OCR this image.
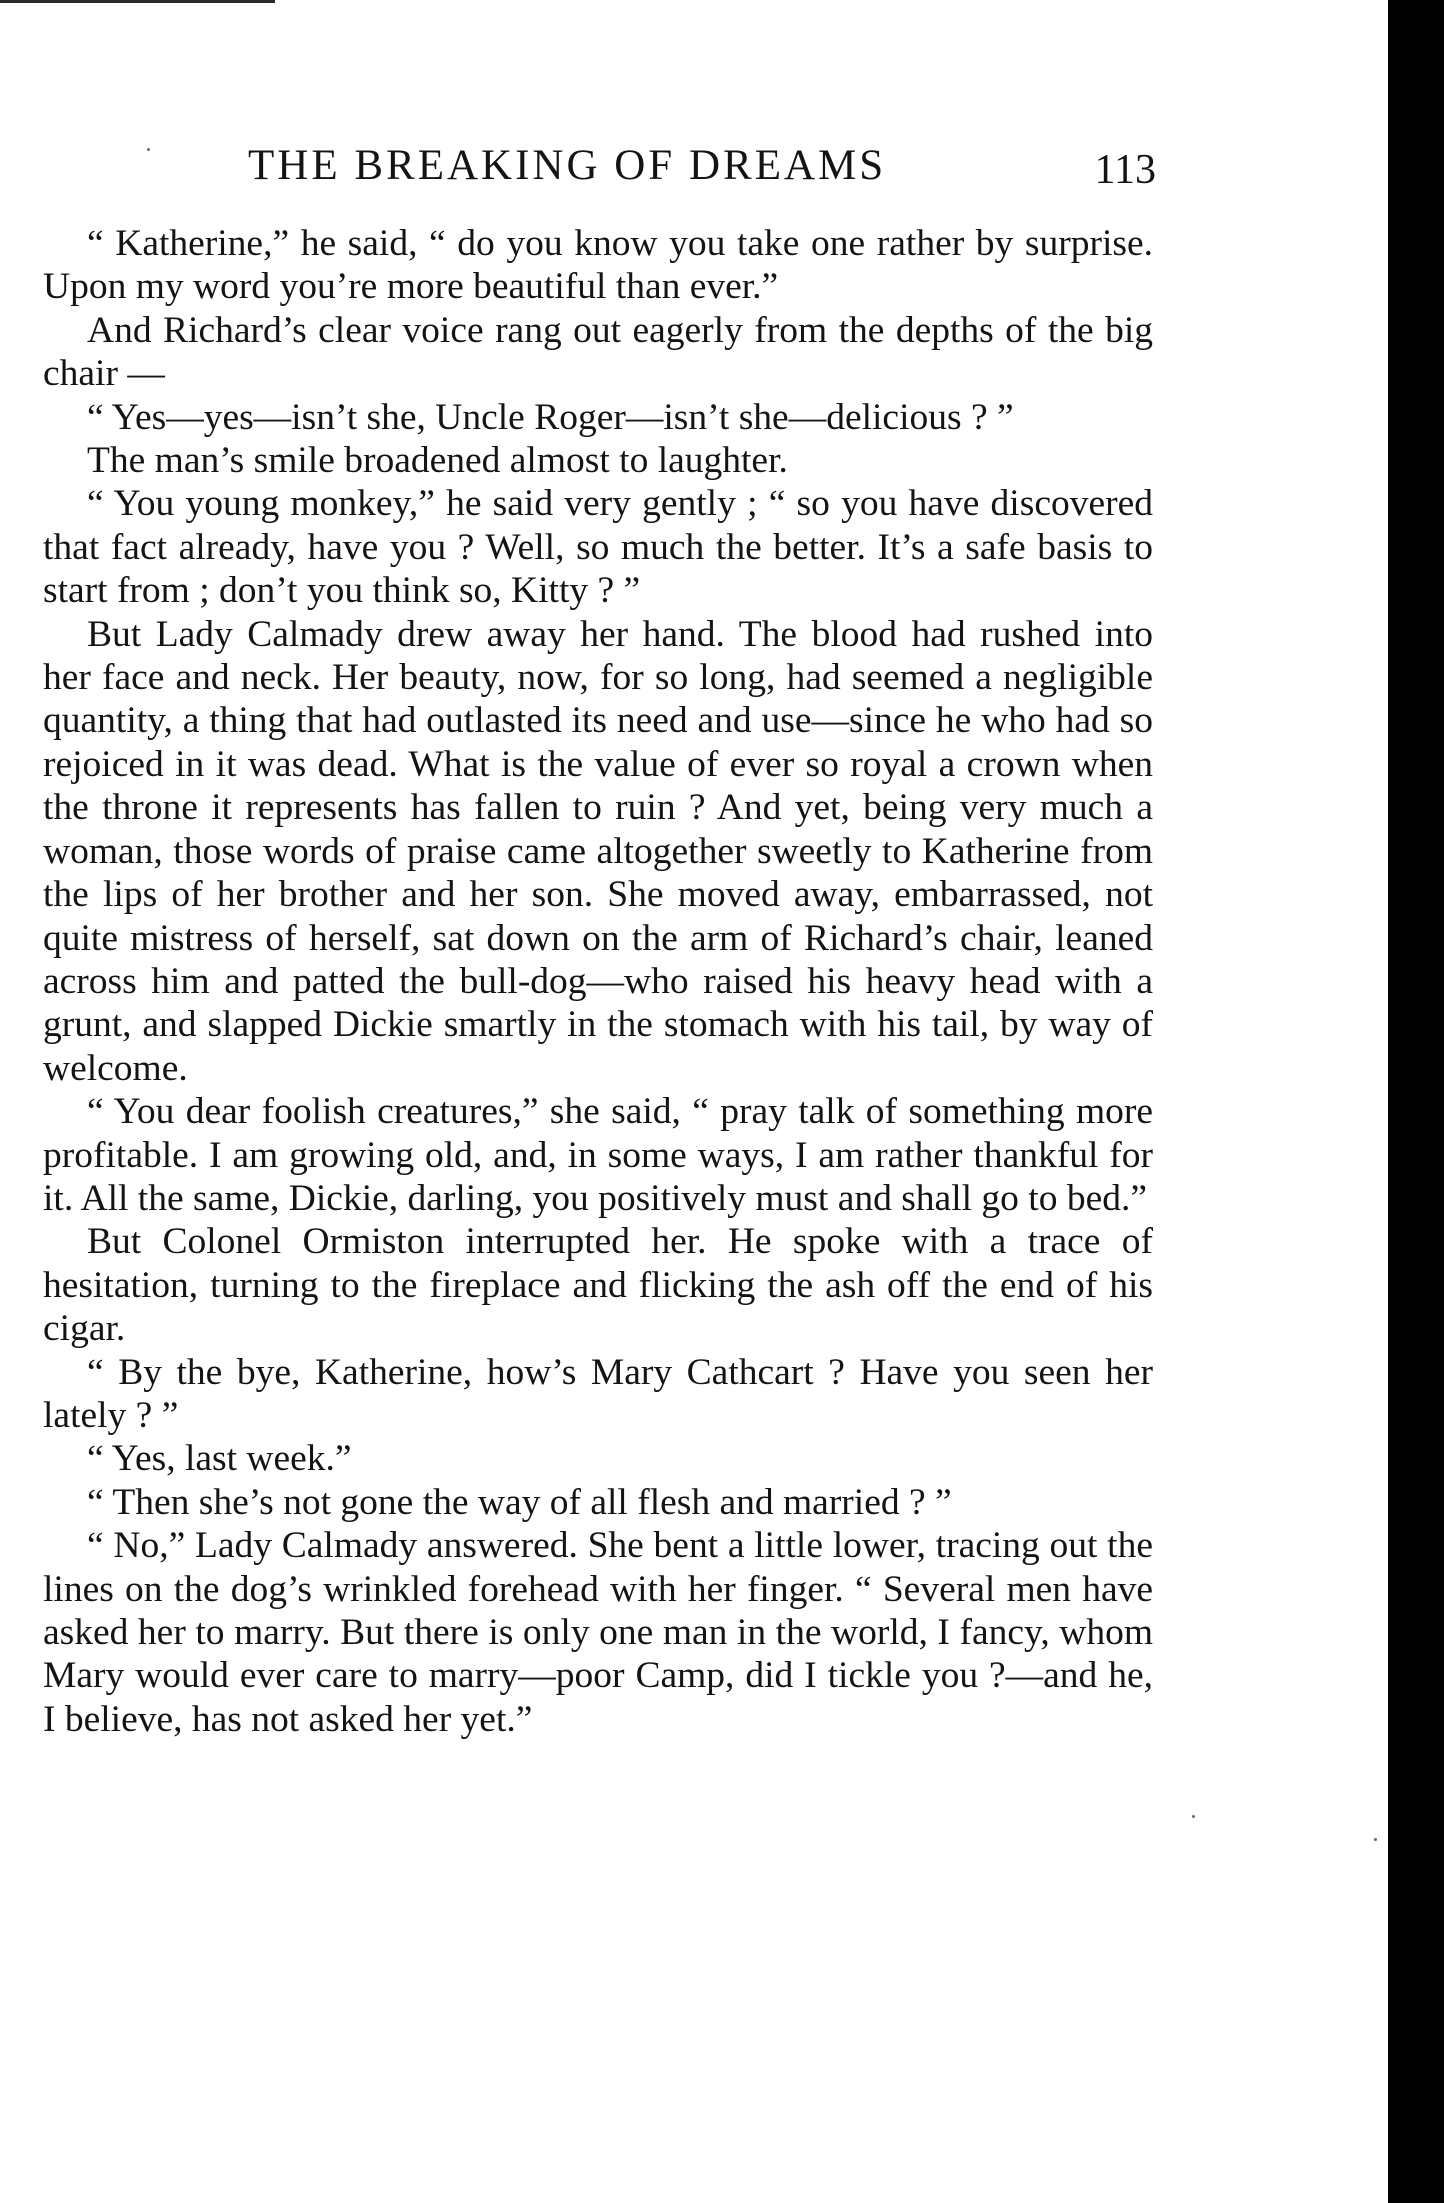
THE BREAKING OF DREAMS	113

“ Katherine,” he said, “ do you know you take one rather by surprise. Upon my word you’re more beautiful than ever.”

And Richard’s clear voice rang out eagerly from the depths of the big chair —

“ Yes—yes—isn’t she, Uncle Roger—isn’t she—delicious ? ”

The man’s smile broadened almost to laughter.

“ You young monkey,” he said very gently ; “ so you have discovered that fact already, have you ? Well, so much the better. It’s a safe basis to start from ; don’t you think so, Kitty ? ”

But Lady Calmady drew away her hand. The blood had rushed into her face and neck. Her beauty, now, for so long, had seemed a negligible quantity, a thing that had outlasted its need and use—since he who had so rejoiced in it was dead. What is the value of ever so royal a crown when the throne it represents has fallen to ruin ? And yet, being very much a woman, those words of praise came altogether sweetly to Katherine from the lips of her brother and her son. She moved away, embarrassed, not quite mistress of herself, sat down on the arm of Richard’s chair, leaned across him and patted the bull-dog—who raised his heavy head with a grunt, and slapped Dickie smartly in the stomach with his tail, by way of welcome.

“ You dear foolish creatures,” she said, “ pray talk of something more profitable. I am growing old, and, in some ways, I am rather thankful for it. All the same, Dickie, darling, you positively must and shall go to bed.”

But Colonel Ormiston interrupted her. He spoke with a trace of hesitation, turning to the fireplace and flicking the ash off the end of his cigar.

“ By the bye, Katherine, how’s Mary Cathcart ? Have you seen her lately ? ”

“ Yes, last week.”

“ Then she’s not gone the way of all flesh and married ? ”

“ No,” Lady Calmady answered. She bent a little lower, tracing out the lines on the dog’s wrinkled forehead with her finger. “ Several men have asked her to marry. But there is only one man in the world, I fancy, whom Mary would ever care to marry—poor Camp, did I tickle you ?—and he, I believe, has not asked her yet.”
